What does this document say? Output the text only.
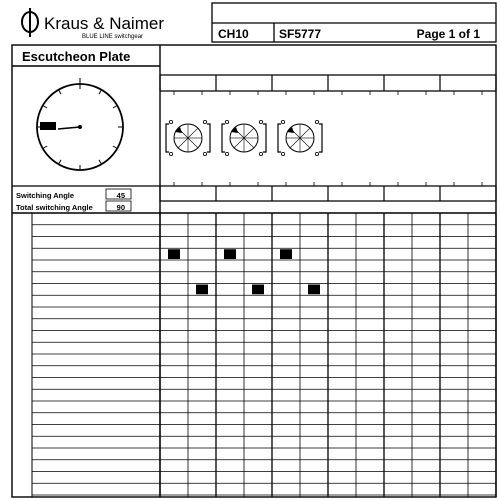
Kraus & Naimer
BLUE LINE switchgear	CH10	SF5777	Page 1 of 1
Escutcheon Plate
Switching Angle	45
Total switching Angle	90
